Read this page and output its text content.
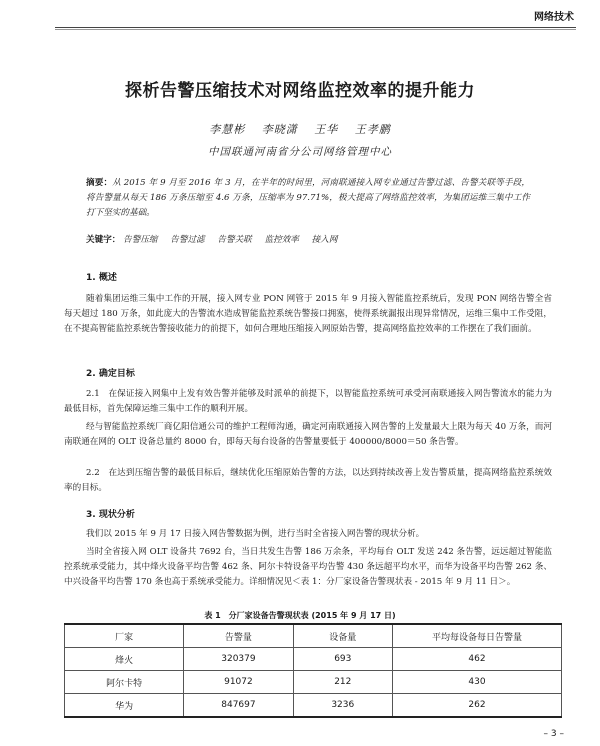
网络技术
探析告警压缩技术对网络监控效率的提升能力
李慧彬 李晓潇 王华 王孝鹏
中国联通河南省分公司网络管理中心
摘要：从 2015 年 9 月至 2016 年 3 月，在半年的时间里，河南联通接入网专业通过告警过滤、告警关联等手段，将告警量从每天 186 万条压缩至 4.6 万条，压缩率为 97.71%，极大提高了网络监控效率，为集团运维三集中工作打下坚实的基础。
关键字： 告警压缩 告警过滤 告警关联 监控效率 接入网
1. 概述
随着集团运维三集中工作的开展，接入网专业 PON 网管于 2015 年 9 月接入智能监控系统后，发现 PON 网络告警全省每天超过 180 万条，如此庞大的告警流水造成智能监控系统告警接口拥塞，使得系统漏报出现异常情况，运维三集中工作受阻，在不提高智能监控系统告警接收能力的前提下，如何合理地压缩接入网原始告警，提高网络监控效率的工作摆在了我们面前。
2. 确定目标
2.1　在保证接入网集中上发有效告警并能够及时派单的前提下，以智能监控系统可承受河南联通接入网告警流水的能力为最低目标，首先保障运维三集中工作的顺利开展。
经与智能监控系统厂商亿阳信通公司的维护工程师沟通，确定河南联通接入网告警的上发量最大上限为每天 40 万条，而河南联通在网的 OLT 设备总量约 8000 台，即每天每台设备的告警量要低于 400000/8000＝50 条告警。
2.2　在达到压缩告警的最低目标后，继续优化压缩原始告警的方法，以达到持续改善上发告警质量，提高网络监控系统效率的目标。
3. 现状分析
我们以 2015 年 9 月 17 日接入网告警数据为例，进行当时全省接入网告警的现状分析。
当时全省接入网 OLT 设备共 7692 台，当日共发生告警 186 万余条，平均每台 OLT 发送 242 条告警，远远超过智能监控系统承受能力，其中烽火设备平均告警 462 条、阿尔卡特设备平均告警 430 条远超平均水平，而华为设备平均告警 262 条、中兴设备平均告警 170 条也高于系统承受能力。详细情况见＜表 1：分厂家设备告警现状表 - 2015 年 9 月 11 日＞。
表 1　分厂家设备告警现状表 (2015 年 9 月 17 日)
厂家	告警量	设备量	平均每设备每日告警量
烽火	320379	693	462
阿尔卡特	91072	212	430
华为	847697	3236	262
– 3 –
